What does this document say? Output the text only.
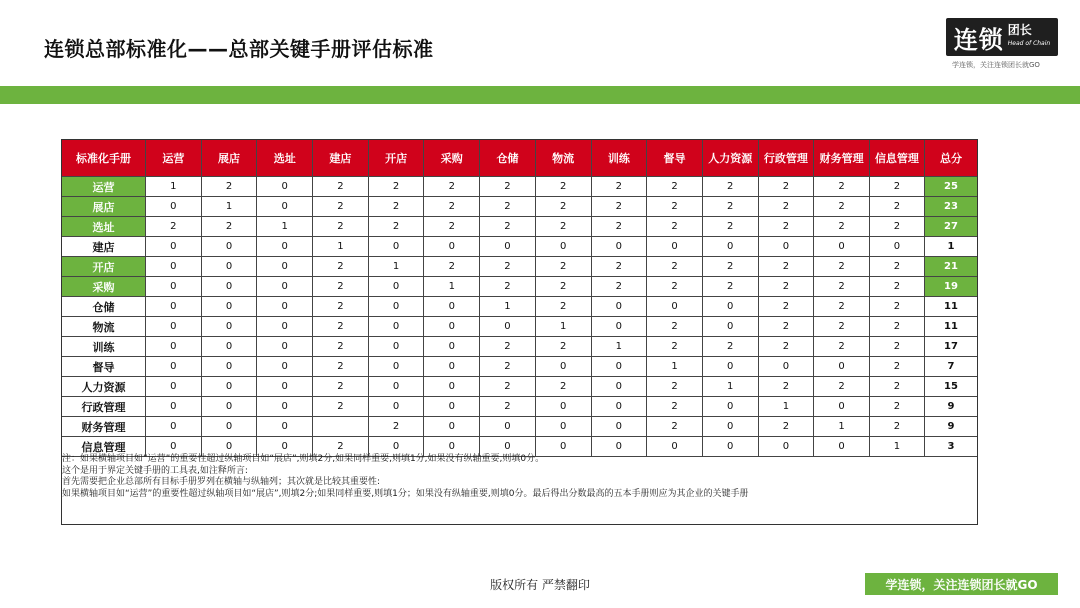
连锁总部标准化——总部关键手册评估标准	连锁 团长
Head of Chain
学连锁，关注连锁团长就GO
标准化手册	运营	展店	选址	建店	开店	采购	仓储	物流	训练	督导	人力资源	行政管理	财务管理	信息管理	总分
运营	1	2	0	2	2	2	2	2	2	2	2	2	2	2	25
展店	0	1	0	2	2	2	2	2	2	2	2	2	2	2	23
选址	2	2	1	2	2	2	2	2	2	2	2	2	2	2	27
建店	0	0	0	1	0	0	0	0	0	0	0	0	0	0	1
开店	0	0	0	2	1	2	2	2	2	2	2	2	2	2	21
采购	0	0	0	2	0	1	2	2	2	2	2	2	2	2	19
仓储	0	0	0	2	0	0	1	2	0	0	0	2	2	2	11
物流	0	0	0	2	0	0	0	1	0	2	0	2	2	2	11
训练	0	0	0	2	0	0	2	2	1	2	2	2	2	2	17
督导	0	0	0	2	0	0	2	0	0	1	0	0	0	2	7
人力资源	0	0	0	2	0	0	2	2	0	2	1	2	2	2	15
行政管理	0	0	0	2	0	0	2	0	0	2	0	1	0	2	9
财务管理	0	0	0		2	0	0	0	0	2	0	2	1	2	9
信息管理	0	0	0	2	0	0	0	0	0	0	0	0	0	1	3
注：如果横轴项目如“运营”的重要性超过纵轴项目如“展店”,则填2分,如果同样重要,则填1分,如果没有纵轴重要,则填0分。
这个是用于界定关键手册的工具表,如注释所言:
首先需要把企业总部所有目标手册罗列在横轴与纵轴列；其次就是比较其重要性:
如果横轴项目如“运营”的重要性超过纵轴项目如“展店”,则填2分;如果同样重要,则填1分；如果没有纵轴重要,则填0分。最后得出分数最高的五本手册则应为其企业的关键手册
版权所有 严禁翻印	学连锁，关注连锁团长就GO
